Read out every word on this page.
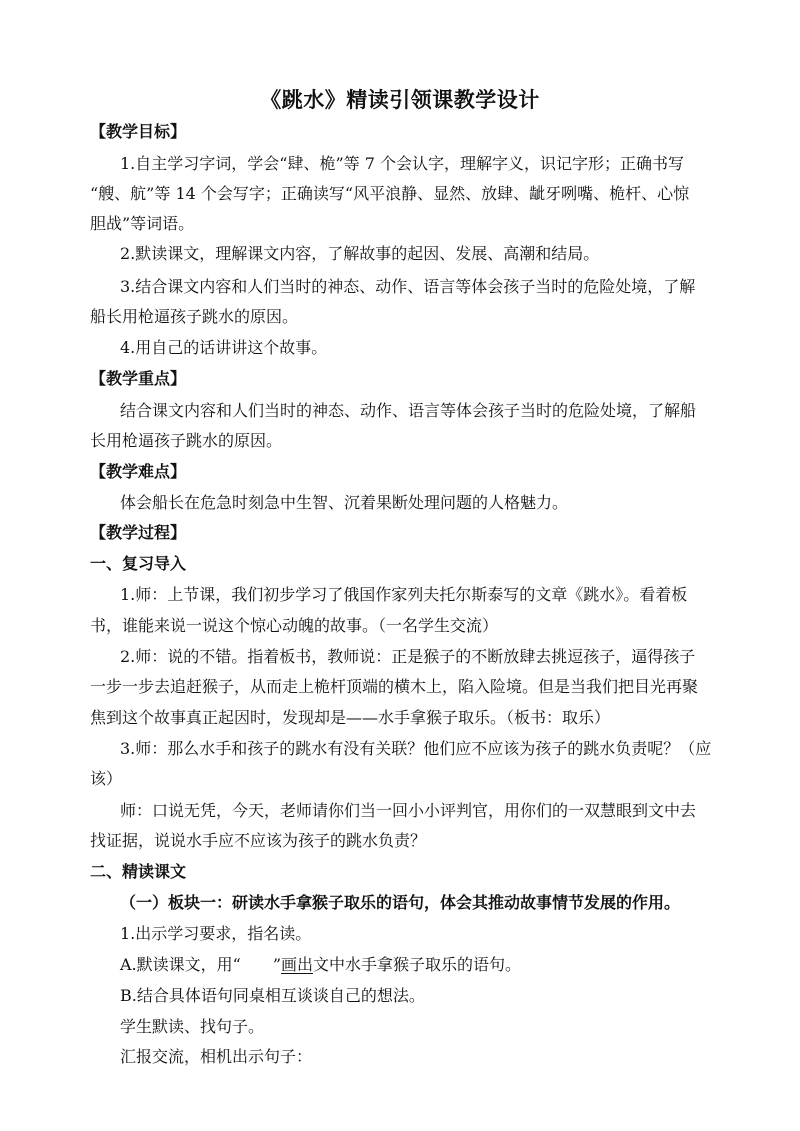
《跳水》精读引领课教学设计
【教学目标】
1.自主学习字词，学会“肆、桅”等 7 个会认字，理解字义，识记字形；正确书写
“艘、航”等 14 个会写字；正确读写“风平浪静、显然、放肆、龇牙咧嘴、桅杆、心惊
胆战”等词语。
2.默读课文，理解课文内容，了解故事的起因、发展、高潮和结局。
3.结合课文内容和人们当时的神态、动作、语言等体会孩子当时的危险处境，了解
船长用枪逼孩子跳水的原因。
4.用自己的话讲讲这个故事。
【教学重点】
结合课文内容和人们当时的神态、动作、语言等体会孩子当时的危险处境，了解船
长用枪逼孩子跳水的原因。
【教学难点】
体会船长在危急时刻急中生智、沉着果断处理问题的人格魅力。
【教学过程】
一、复习导入
1.师：上节课，我们初步学习了俄国作家列夫托尔斯泰写的文章《跳水》。看着板
书，谁能来说一说这个惊心动魄的故事。（一名学生交流）
2.师：说的不错。指着板书，教师说：正是猴子的不断放肆去挑逗孩子，逼得孩子
一步一步去追赶猴子，从而走上桅杆顶端的横木上，陷入险境。但是当我们把目光再聚
焦到这个故事真正起因时，发现却是——水手拿猴子取乐。（板书：取乐）
3.师：那么水手和孩子的跳水有没有关联？他们应不应该为孩子的跳水负责呢？（应
该）
师：口说无凭，今天，老师请你们当一回小小评判官，用你们的一双慧眼到文中去
找证据，说说水手应不应该为孩子的跳水负责？
二、精读课文
（一）板块一：研读水手拿猴子取乐的语句，体会其推动故事情节发展的作用。
1.出示学习要求，指名读。
A.默读课文，用“　　”画出文中水手拿猴子取乐的语句。
B.结合具体语句同桌相互谈谈自己的想法。
学生默读、找句子。
汇报交流，相机出示句子：
